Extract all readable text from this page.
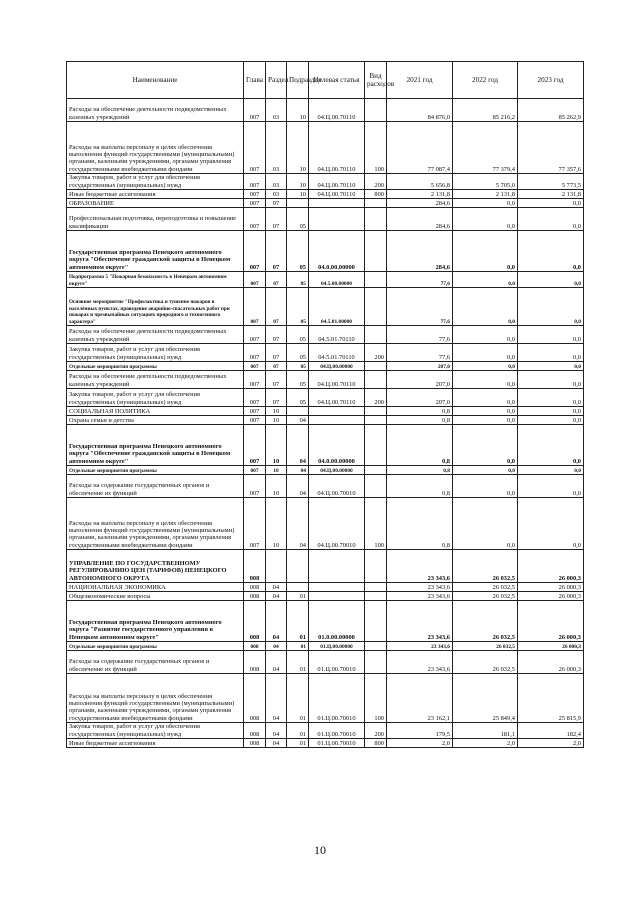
Наименование	Глава	Раздел	Подраздел	Целевая статья	Вид расходов	2021 год	2022 год	2023 год
Расходы на обеспечение деятельности подведомственных казенных учреждений	007	03	10	04.Ц.00.70110		84 876,0	85 216,2	85 262,9
Расходы на выплаты персоналу в целях обеспечения выполнения функций государственными (муниципальными) органами, казенными учреждениями, органами управления государственными внебюджетными фондами	007	03	10	04.Ц.00.70110	100	77 087,4	77 379,4	77 357,6
Закупка товаров, работ и услуг для обеспечения государственных (муниципальных) нужд	007	03	10	04.Ц.00.70110	200	5 656,8	5 705,0	5 773,5
Иные бюджетные ассигнования	007	03	10	04.Ц.00.70110	800	2 131,8	2 131,8	2 131,8
ОБРАЗОВАНИЕ	007	07				284,6	0,0	0,0
Профессиональная подготовка, переподготовка и повышение квалификации	007	07	05			284,6	0,0	0,0
Государственная программа Ненецкого автономного округа "Обеспечение гражданской защиты в Ненецком автономном округе"	007	07	05	04.0.00.00000		284,6	0,0	0,0
Подпрограмма 5 "Пожарная безопасность в Ненецком автономном округе"	007	07	05	04.5.00.00000		77,6	0,0	0,0
Основное мероприятие "Профилактика и тушение пожаров в населённых пунктах, проведение аварийно-спасательных работ при пожарах и чрезвычайных ситуациях природного и техногенного характера"	007	07	05	04.5.01.00000		77,6	0,0	0,0
Расходы на обеспечение деятельности подведомственных казенных учреждений	007	07	05	04.5.01.70110		77,6	0,0	0,0
Закупка товаров, работ и услуг для обеспечения государственных (муниципальных) нужд	007	07	05	04.5.01.70110	200	77,6	0,0	0,0
Отдельные мероприятия программы	007	07	05	04.Ц.00.00000		207,0	0,0	0,0
Расходы на обеспечение деятельности подведомственных казенных учреждений	007	07	05	04.Ц.00.70110		207,0	0,0	0,0
Закупка товаров, работ и услуг для обеспечения государственных (муниципальных) нужд	007	07	05	04.Ц.00.70110	200	207,0	0,0	0,0
СОЦИАЛЬНАЯ ПОЛИТИКА	007	10				0,8	0,0	0,0
Охрана семьи и детства	007	10	04			0,8	0,0	0,0
Государственная программа Ненецкого автономного округа "Обеспечение гражданской защиты в Ненецком автономном округе"	007	10	04	04.0.00.00000		0,8	0,0	0,0
Отдельные мероприятия программы	007	10	04	04.Ц.00.00000		0,8	0,0	0,0
Расходы на содержание государственных органов и обеспечение их функций	007	10	04	04.Ц.00.70010		0,8	0,0	0,0
Расходы на выплаты персоналу в целях обеспечения выполнения функций государственными (муниципальными) органами, казенными учреждениями, органами управления государственными внебюджетными фондами	007	10	04	04.Ц.00.70010	100	0,8	0,0	0,0
УПРАВЛЕНИЕ ПО ГОСУДАРСТВЕННОМУ РЕГУЛИРОВАНИЮ ЦЕН (ТАРИФОВ) НЕНЕЦКОГО АВТОНОМНОГО ОКРУГА	008					23 343,6	26 032,5	26 000,3
НАЦИОНАЛЬНАЯ ЭКОНОМИКА	008	04				23 343,6	26 032,5	26 000,3
Общеэкономические вопросы	008	04	01			23 343,6	26 032,5	26 000,3
Государственная программа Ненецкого автономного округа "Развитие государственного управления в Ненецком автономном округе"	008	04	01	01.0.00.00000		23 343,6	26 032,5	26 000,3
Отдельные мероприятия программы	008	04	01	01.Ц.00.00000		23 343,6	26 032,5	26 000,3
Расходы на содержание государственных органов и обеспечение их функций	008	04	01	01.Ц.00.70010		23 343,6	26 032,5	26 000,3
Расходы на выплаты персоналу в целях обеспечения выполнения функций государственными (муниципальными) органами, казенными учреждениями, органами управления государственными внебюджетными фондами	008	04	01	01.Ц.00.70010	100	23 162,1	25 849,4	25 815,9
Закупка товаров, работ и услуг для обеспечения государственных (муниципальных) нужд	008	04	01	01.Ц.00.70010	200	179,5	181,1	182,4
Иные бюджетные ассигнования	008	04	01	01.Ц.00.70010	800	2,0	2,0	2,0
10
